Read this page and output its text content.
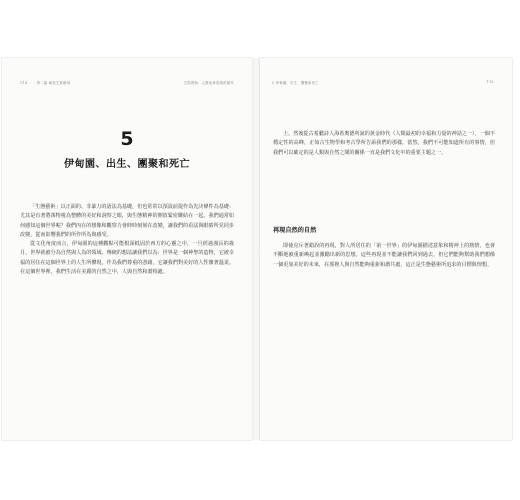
114	第二篇 解放生態精神	生態藝術：人類追尋意義的創作
5
伊甸園、出生、團聚和死亡

「生態藝術」以正面的、非暴力的語法為基礎，但也常常以預設前提作為先決條件為基礎：尤其是有著將萬物視為整體的美好和洞察之眼，與生態精神的開放緊密聯結在一起。我們通常如何感知這個世界呢？我們內在的想像和觀察力會時時刻刻在改變，讓我們的看法與眼睛所見同步改變，從而影響我們的所作所為與感受。

從文化角度而言，伊甸園的這種觀點可能根深柢固於西方的心靈之中，一旦經過漫長的歲月，世界就被分為自然與人為的領域。傳統的想法讓我們以為：世界是一個神聖的造物，它被幸福的居住在這個世界上的人生所體現，作為我們尊重的憑藉，它讓我們對美好的人性懷著溫柔。在這個世界裡，我們生活在美麗的自然之中，人與自然和諧相處。

5 伊甸園、出生、團聚和死亡	115

土，然後從古希臘詩人海希奧德所說的黃金時代（人類最初的幸福和力量的神話之一），一個不穩定性的高峰，正如古生物學和考古學所告訴我們的那樣。當然，我們不可能知道所有的事情，但我們可以確定的是人類與自然之間的關係一直是我們文化中的重要主題之一。

再現自然的自然

即使克斥著錯誤的再現，對人所居住的「第一世界」的伊甸園描述意象和精神上的熱情，也會不斷地被重新喚起並激勵出新的思想。這些再現並不能讓我們回到過去，但它們能夠幫助我們想像一個更加美好的未來，在那裡人與自然能夠重新和諧共處，這正是生態藝術所追求的目標與理想。
